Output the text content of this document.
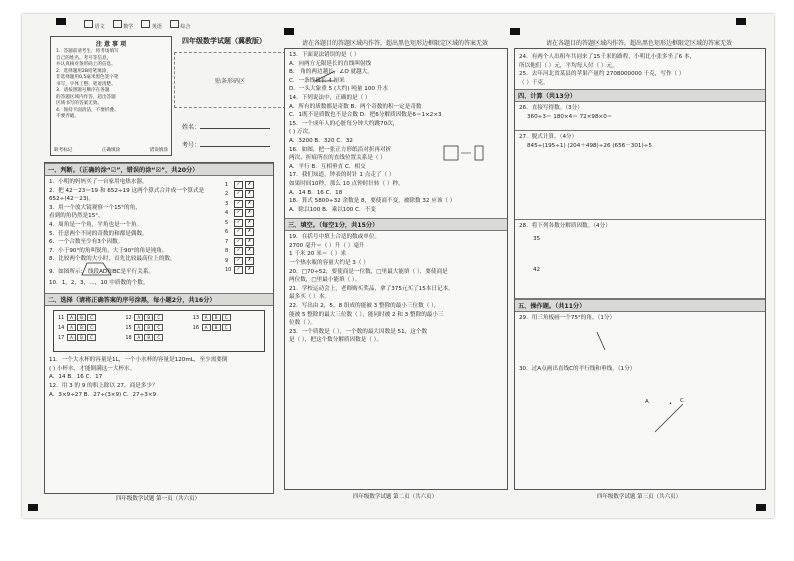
语文	数学	英语	综合
四年级数学试题（冀教版）
注 意 事 项
1．答题前请考生，将考场填写
自己的姓名、考号等信息，
并认真核对条形码上的信息。
2．选择题用2B铅笔填涂，
非选择题用0.5毫米黑色签字笔
书写，字体工整、笔迹清楚。
3．请按照题号顺序在各题
的答题区域内作答，超出答题
区域书写的答案无效。
4．保持卡面清洁，不要折叠、
不要弄破。
缺考标记	正确填涂	错误填涂
贴条形码区
姓名：
考号：
一、判断。（正确的涂“☑”，错误的涂“☒”，共20分）
1．小明的妈妈买了一台家用电热水器，
2．把 42－23＝19 和 652÷19 这两个算式合并成一个算式是
652÷(42－23)。
3．用一个放大镜观察一个15°的角，
看到的角仍然是15°。
4．周角是一个角，平角也是一个角。
5．任意两个不同的奇数的和都是偶数。
6．一个合数至少有3个因数。
7．小于90°的角叫锐角，大于90°的角是钝角。
8．比较两个数的大小时，首先比较最高位上的数。
9．如图所示： 线段AD和BC是平行关系。
10．1，2，3，…，10 中质数的个数。
1	✓	✗
2	✓	✗
3	✓	✗
4	✓	✗
5	✓	✗
6	✓	✗
7	✓	✗
8	✓	✗
9	✓	✗
10	✓	✗
二、选择（请将正确答案的序号涂黑，每小题2分，共16分）
11 A B C	12 A B C	13 A B C
14 A B C	15 A B C	16 A B C
17 A B C	18 A B C
11．一个大水杯的容量是1L，一个小水杯的容量是120mL，至少需要倒
( ) 小杯水，才能倒满这一大杯水。
A．14 B．16 C．17
12．用 3 的 9 的积上除以 27，商是多少？
A．3×9÷27 B．27÷(3×9) C．27÷3×9
四年级数学试题 第一页（共六页）
请在各题目的答题区域内作答，超出黑色矩形边框限定区域的答案无效
13．下面说法错误的是（ ）
A．向两方无限延长的直线叫射线
B． 角的两边越长，∠O 就越大。
C．一条线段长 4 厘米
D．一头大象重 5 (大约) 吨量 100 升水
14．下列说法中，正确的是（ ）
A．所有的质数都是奇数 B．两个奇数的积一定是奇数
C．1既不是质数也不是合数 D．把6分解质因数是6＝1×2×3
15．一个成年人的心脏每分钟大约跳70次，
( ) 万次。
A．3200 B．320 C．32
16．如图，把一张正方形纸沿对折再对折
两次，折痕所在的直线位置关系是（ ）
A．平行 B．互相垂直 C．相交
17．我们知道，钟表的时针 1 点走了（ ）
如果时间10秒，那么 10 点钟时针转（ ）秒。
A．14 B．16 C．18
18．算式 5800÷32 余数是 8，要使商不变，被除数 32 应该（ ）
A．除以100 B．乘以100 C．不变
三、填空。（每空1分，共15分）
19．在括号中填上合适的数或单位。
2700 毫升＝（ ）升（ ）毫升
1 千米 20 米＝（ ）米
一个热水瓶的容量大约是 3（ ）
20．□70÷52，要使商是一位数，□里最大能填（ ），要使商是
两位数，□里最小能填（ ）。
21．学校运动会上，老师购买奖品，拿了375元买了15本日记本，
最多买（ ）本。
22．写出由 2，5，8 组成的能被 3 整除的最小三位数（ ），
能被 5 整除的最大三位数（ ），能同时被 2 和 3 整除的最小三
位数（ ）。
23．一个质数是（ ），一个数的最大因数是 51，这个数
是（ ），把这个数分解质因数是（ ）。
四年级数学试题 第二页（共六页）
请在各题目的答题区域内作答，超出黑色矩形边框限定区域的答案无效
24．有两个人出租车共同来了15千米的路程，小明比小张多坐了6 本，
所以他们（ ）元，平均每人付（ ）元。
25．去年河北省某县的苹果产量约 2708000000 千克，写作（ ）
（ ）千克。
四、计算（共13分）
26．直接写得数。（3分）
360÷3＝ 180×4＝ 72×98×0＝
27．脱式计算。（4分）
845÷(195÷1) (204＋498)÷26 (656－301)÷5
28．将下列各数分解质因数。（4分）
35
42
五、操作题。（共11分）
29．用三角板画一个75°的角。（1分）
30．过A点画出直线C的平行线和垂线。（1分）
A	• C
四年级数学试题 第三页（共六页）
